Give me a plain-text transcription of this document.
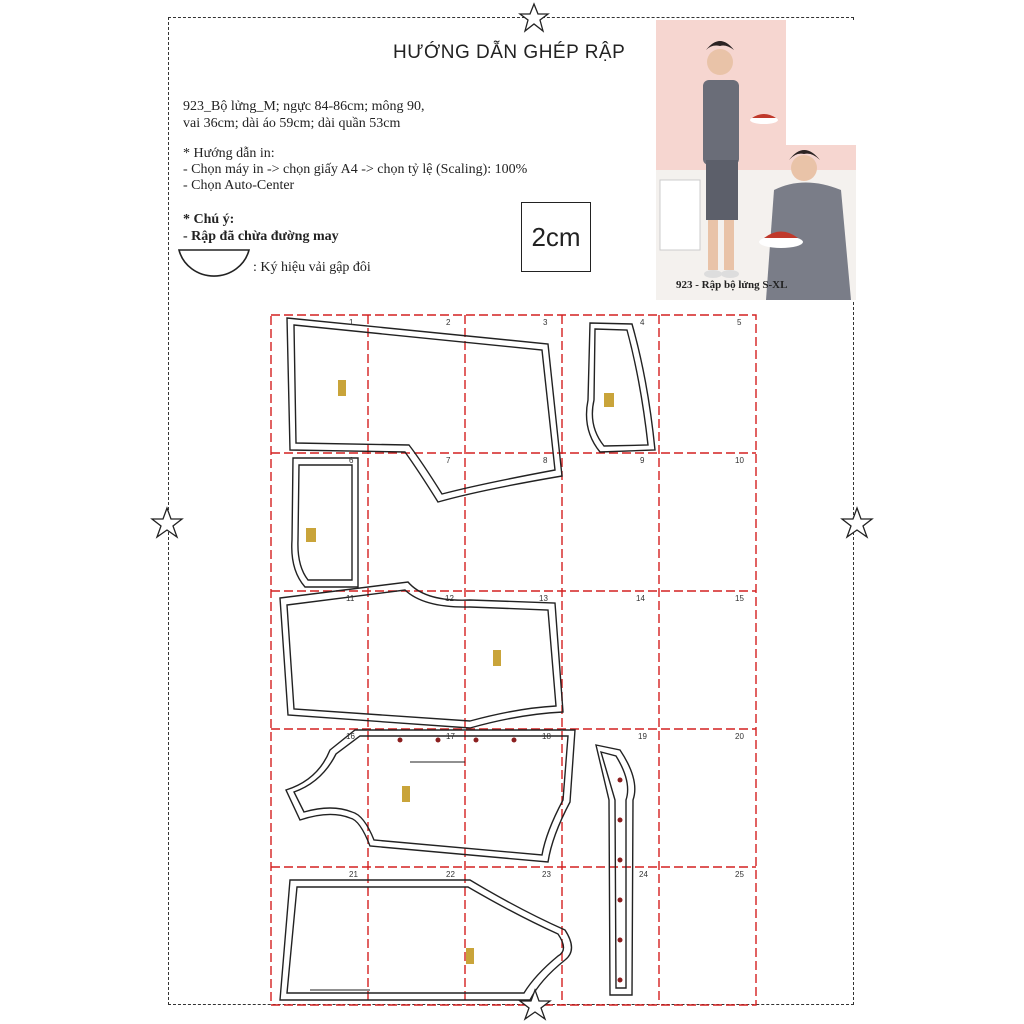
HƯỚNG DẪN GHÉP RẬP
923_Bộ lửng_M; ngực 84-86cm; mông 90,
vai 36cm; dài áo 59cm; dài quần 53cm
* Hướng dẫn in:
- Chọn máy in -> chọn giấy A4 -> chọn tỷ lệ (Scaling): 100%
- Chọn Auto-Center
* Chú ý:
- Rập đã chừa đường may
: Ký hiệu vải gập đôi
2cm
923 - Rập bộ lửng S-XL
1	2	3	4	5
6	7	8	9	10
11	12	13	14	15
16	17	18	19	20
21	22	23	24	25
